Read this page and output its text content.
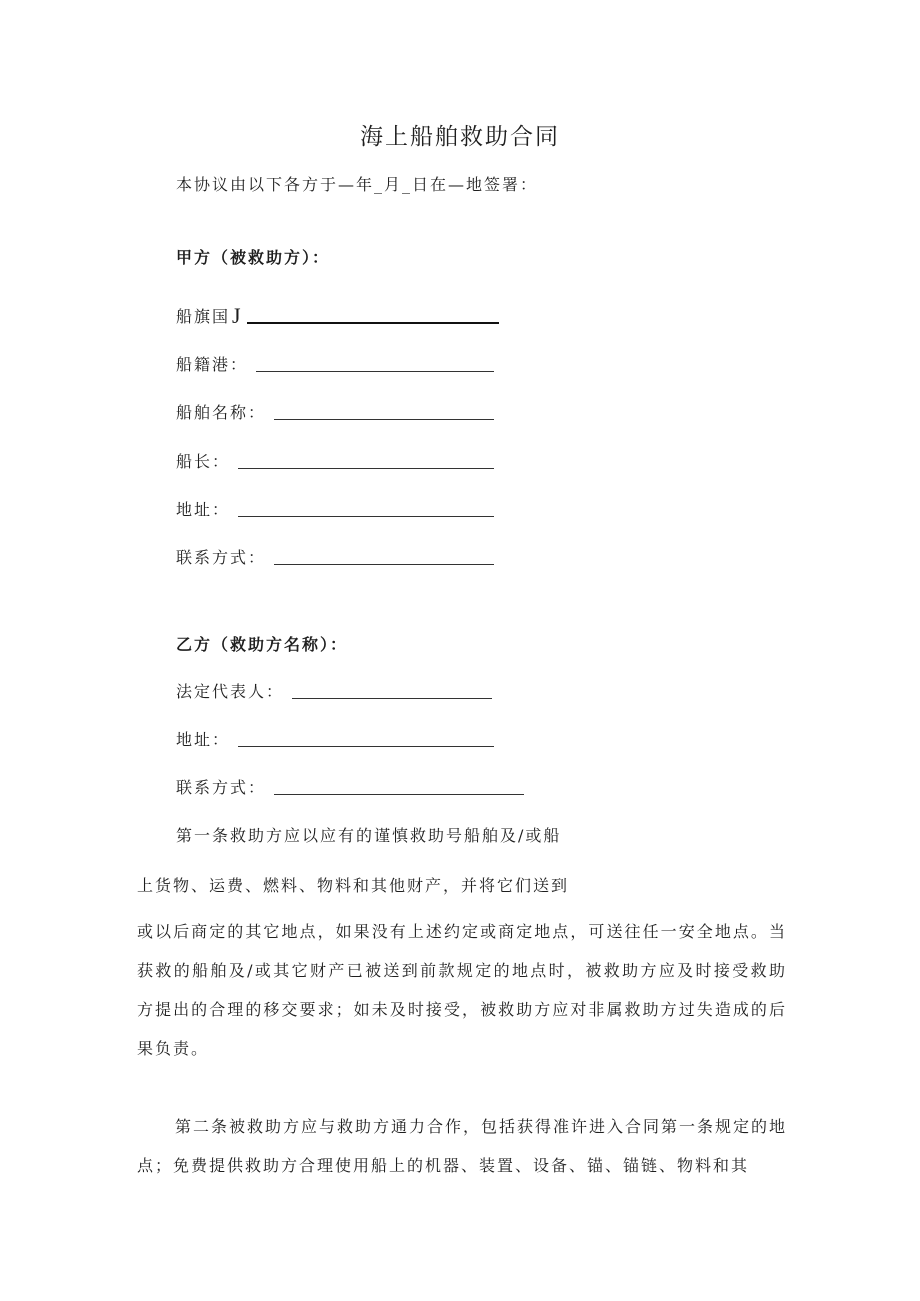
海上船舶救助合同
本协议由以下各方于—年_月_日在—地签署：
甲方（被救助方）：
船旗国 J
船籍港：
船舶名称：
船长：
地址：
联系方式：
乙方（救助方名称）：
法定代表人：
地址：
联系方式：
第一条救助方应以应有的谨慎救助号船舶及/或船
上货物、运费、燃料、物料和其他财产，并将它们送到
或以后商定的其它地点，如果没有上述约定或商定地点，可送往任一安全地点。当获救的船舶及/或其它财产已被送到前款规定的地点时，被救助方应及时接受救助方提出的合理的移交要求；如未及时接受，被救助方应对非属救助方过失造成的后果负责。
第二条被救助方应与救助方通力合作，包括获得准许进入合同第一条规定的地点；免费提供救助方合理使用船上的机器、装置、设备、锚、锚链、物料和其
